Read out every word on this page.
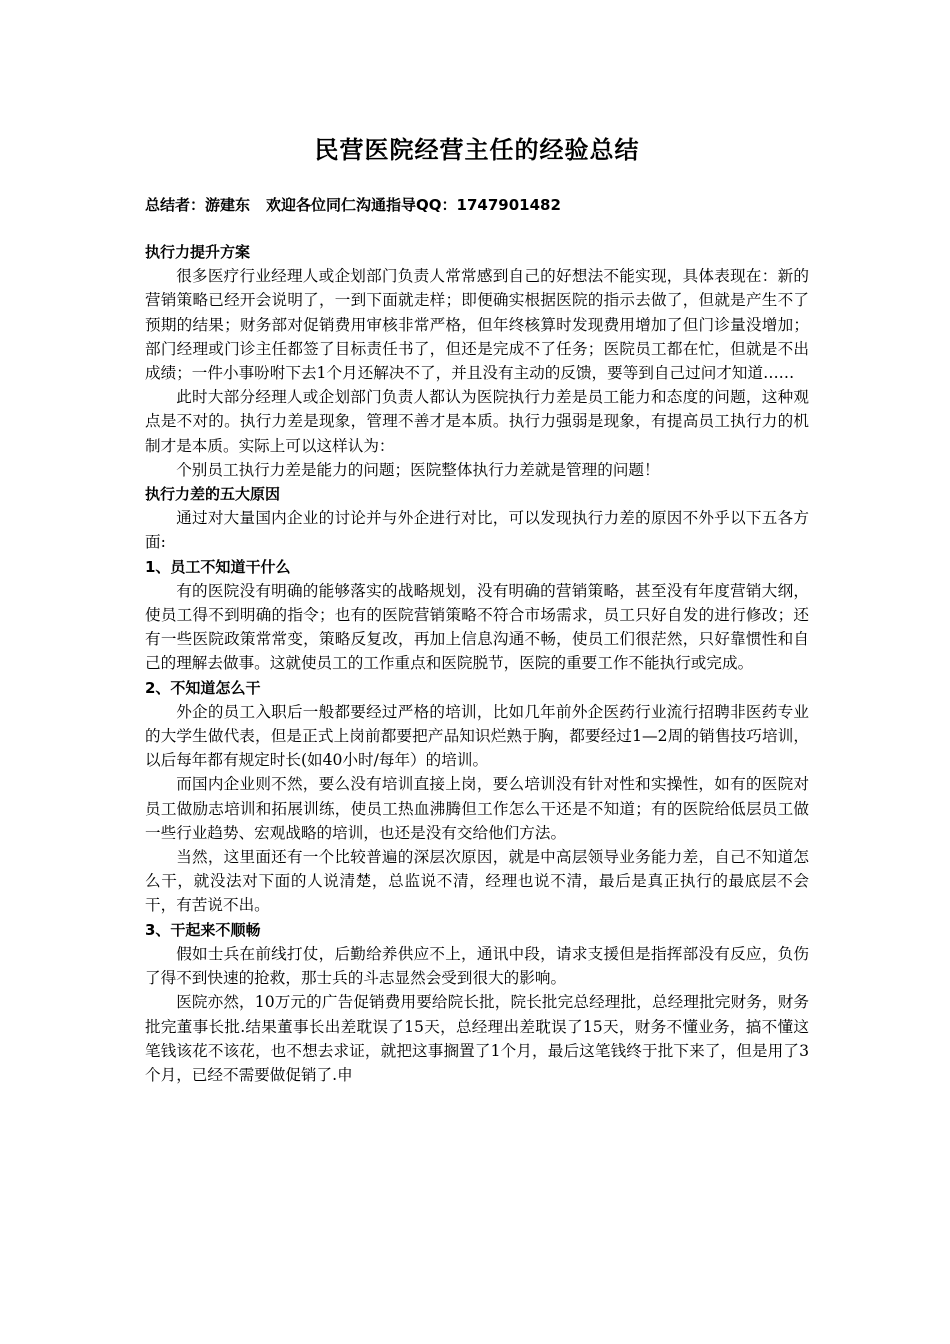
民营医院经营主任的经验总结
总结者：游建东 欢迎各位同仁沟通指导QQ：1747901482

执行力提升方案

很多医疗行业经理人或企划部门负责人常常感到自己的好想法不能实现，具体表现在：新的营销策略已经开会说明了，一到下面就走样；即便确实根据医院的指示去做了，但就是产生不了预期的结果；财务部对促销费用审核非常严格，但年终核算时发现费用增加了但门诊量没增加；部门经理或门诊主任都签了目标责任书了，但还是完成不了任务；医院员工都在忙，但就是不出成绩；一件小事吩咐下去1个月还解决不了，并且没有主动的反馈，要等到自己过问才知道……

此时大部分经理人或企划部门负责人都认为医院执行力差是员工能力和态度的问题，这种观点是不对的。执行力差是现象，管理不善才是本质。执行力强弱是现象，有提高员工执行力的机制才是本质。实际上可以这样认为：

个别员工执行力差是能力的问题；医院整体执行力差就是管理的问题！

执行力差的五大原因

通过对大量国内企业的讨论并与外企进行对比，可以发现执行力差的原因不外乎以下五各方面:

1、员工不知道干什么

有的医院没有明确的能够落实的战略规划，没有明确的营销策略，甚至没有年度营销大纲，使员工得不到明确的指令；也有的医院营销策略不符合市场需求，员工只好自发的进行修改；还有一些医院政策常常变，策略反复改，再加上信息沟通不畅，使员工们很茫然，只好靠惯性和自己的理解去做事。这就使员工的工作重点和医院脱节，医院的重要工作不能执行或完成。

2、不知道怎么干

外企的员工入职后一般都要经过严格的培训，比如几年前外企医药行业流行招聘非医药专业的大学生做代表，但是正式上岗前都要把产品知识烂熟于胸，都要经过1—2周的销售技巧培训，以后每年都有规定时长(如40小时/每年）的培训。

而国内企业则不然，要么没有培训直接上岗，要么培训没有针对性和实操性，如有的医院对员工做励志培训和拓展训练，使员工热血沸腾但工作怎么干还是不知道；有的医院给低层员工做一些行业趋势、宏观战略的培训，也还是没有交给他们方法。

当然，这里面还有一个比较普遍的深层次原因，就是中高层领导业务能力差，自己不知道怎么干，就没法对下面的人说清楚，总监说不清，经理也说不清，最后是真正执行的最底层不会干，有苦说不出。

3、干起来不顺畅

假如士兵在前线打仗，后勤给养供应不上，通讯中段，请求支援但是指挥部没有反应，负伤了得不到快速的抢救，那士兵的斗志显然会受到很大的影响。

医院亦然，10万元的广告促销费用要给院长批，院长批完总经理批，总经理批完财务，财务批完董事长批.结果董事长出差耽误了15天，总经理出差耽误了15天，财务不懂业务，搞不懂这笔钱该花不该花，也不想去求证，就把这事搁置了1个月，最后这笔钱终于批下来了，但是用了3个月，已经不需要做促销了.申
